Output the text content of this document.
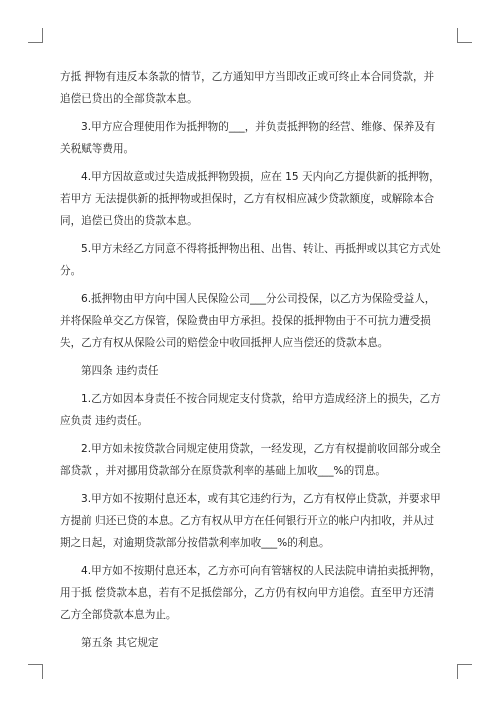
方抵 押物有违反本条款的情节，乙方通知甲方当即改正或可终止本合同贷款，并追偿已贷出的全部贷款本息。

3.甲方应合理使用作为抵押物的___，并负责抵押物的经营、维修、保养及有关税赋等费用。

4.甲方因故意或过失造成抵押物毁损，应在 15 天内向乙方提供新的抵押物，若甲方 无法提供新的抵押物或担保时，乙方有权相应减少贷款额度，或解除本合同，追偿已贷出的贷款本息。

5.甲方未经乙方同意不得将抵押物出租、出售、转让、再抵押或以其它方式处分。

6.抵押物由甲方向中国人民保险公司___分公司投保，以乙方为保险受益人，并将保险单交乙方保管，保险费由甲方承担。投保的抵押物由于不可抗力遭受损失，乙方有权从保险公司的赔偿金中收回抵押人应当偿还的贷款本息。

第四条 违约责任

1.乙方如因本身责任不按合同规定支付贷款，给甲方造成经济上的损失，乙方应负责 违约责任。

2.甲方如未按贷款合同规定使用贷款，一经发现，乙方有权提前收回部分或全部贷款 ，并对挪用贷款部分在原贷款利率的基础上加收___%的罚息。

3.甲方如不按期付息还本，或有其它违约行为，乙方有权停止贷款，并要求甲方提前 归还已贷的本息。乙方有权从甲方在任何银行开立的帐户内扣收，并从过期之日起，对逾期贷款部分按借款利率加收___%的利息。

4.甲方如不按期付息还本，乙方亦可向有管辖权的人民法院申请拍卖抵押物，用于抵 偿贷款本息，若有不足抵偿部分，乙方仍有权向甲方追偿。直至甲方还清乙方全部贷款本息为止。

第五条 其它规定
